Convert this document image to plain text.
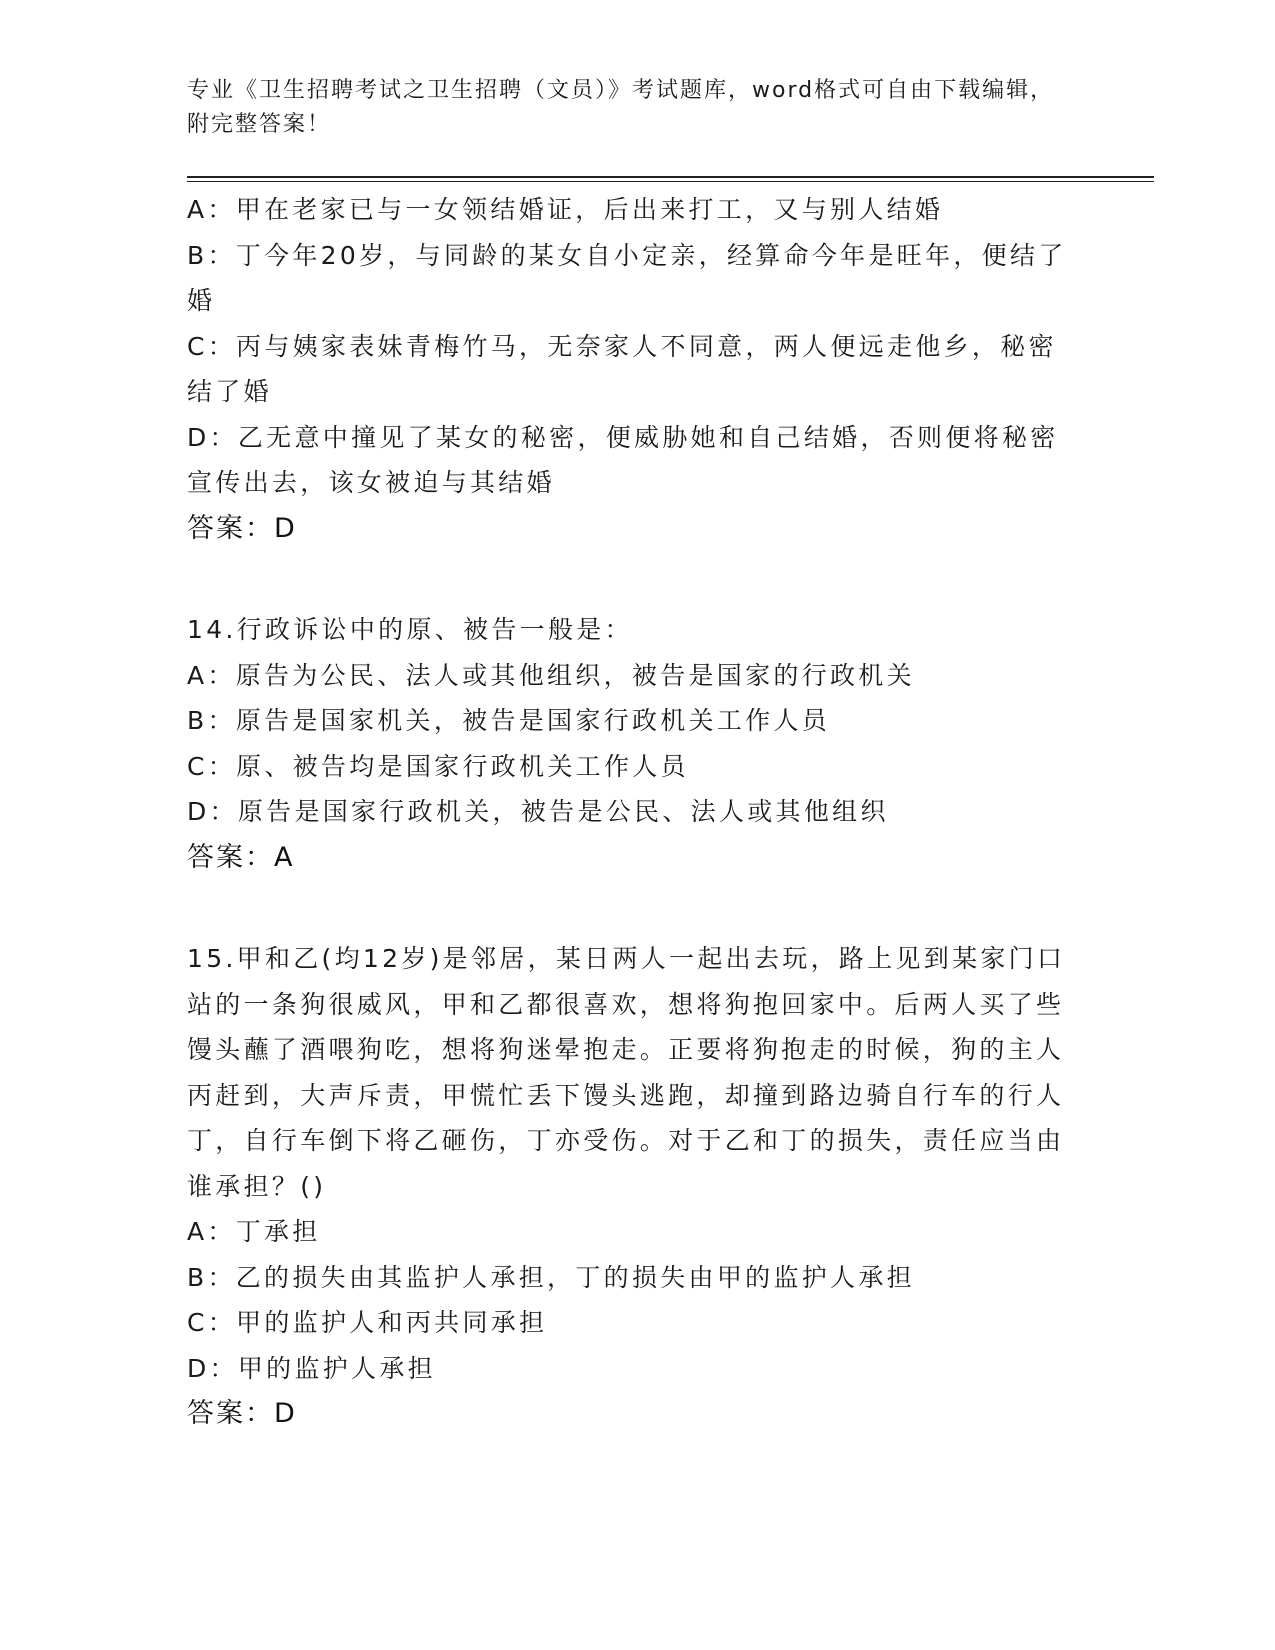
专业《卫生招聘考试之卫生招聘（文员）》考试题库，word格式可自由下载编辑，附完整答案！
A：甲在老家已与一女领结婚证，后出来打工，又与别人结婚
B：丁今年20岁，与同龄的某女自小定亲，经算命今年是旺年，便结了婚
C：丙与姨家表妹青梅竹马，无奈家人不同意，两人便远走他乡，秘密结了婚
D：乙无意中撞见了某女的秘密，便威胁她和自己结婚，否则便将秘密宣传出去，该女被迫与其结婚
答案：D
14.行政诉讼中的原、被告一般是：
A：原告为公民、法人或其他组织，被告是国家的行政机关
B：原告是国家机关，被告是国家行政机关工作人员
C：原、被告均是国家行政机关工作人员
D：原告是国家行政机关，被告是公民、法人或其他组织
答案：A
15.甲和乙(均12岁)是邻居，某日两人一起出去玩，路上见到某家门口站的一条狗很威风，甲和乙都很喜欢，想将狗抱回家中。后两人买了些馒头蘸了酒喂狗吃，想将狗迷晕抱走。正要将狗抱走的时候，狗的主人丙赶到，大声斥责，甲慌忙丢下馒头逃跑，却撞到路边骑自行车的行人丁，自行车倒下将乙砸伤，丁亦受伤。对于乙和丁的损失，责任应当由谁承担？()
A：丁承担
B：乙的损失由其监护人承担，丁的损失由甲的监护人承担
C：甲的监护人和丙共同承担
D：甲的监护人承担
答案：D
